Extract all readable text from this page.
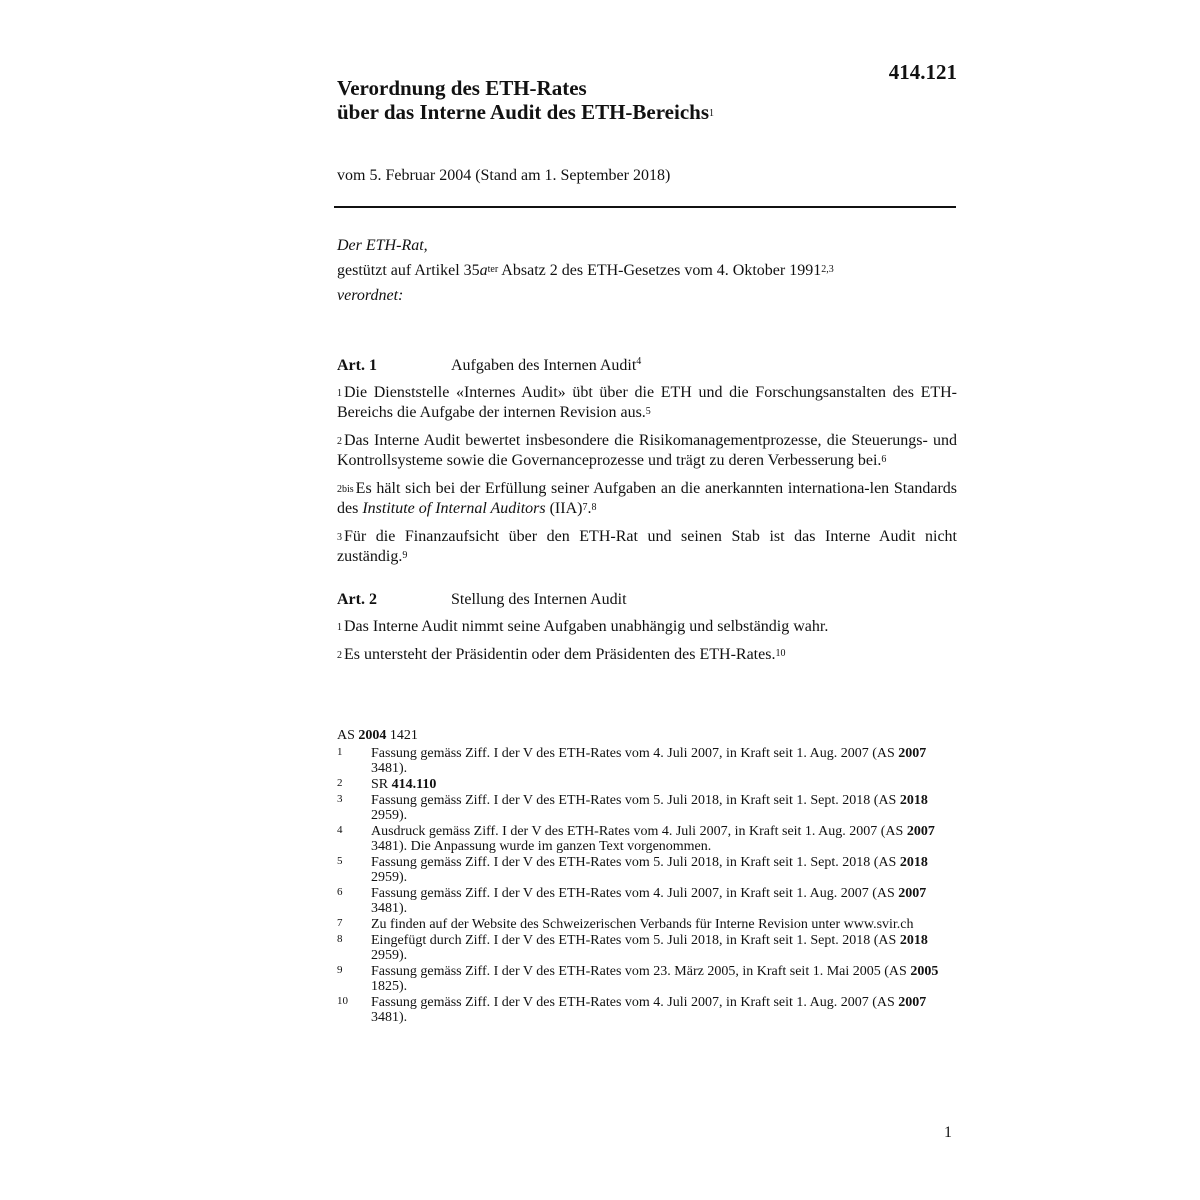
414.121
Verordnung des ETH-Rates
über das Interne Audit des ETH-Bereichs$^1$
vom 5. Februar 2004 (Stand am 1. September 2018)
Der ETH-Rat,
gestützt auf Artikel 35a$^{ter}$ Absatz 2 des ETH-Gesetzes vom 4. Oktober 1991$^{2,3}$
verordnet:
Art. 1	Aufgaben des Internen Audit$^4$
$^1$ Die Dienststelle «Internes Audit» übt über die ETH und die Forschungsanstalten des ETH-Bereichs die Aufgabe der internen Revision aus.$^5$
$^2$ Das Interne Audit bewertet insbesondere die Risikomanagementprozesse, die Steuerungs- und Kontrollsysteme sowie die Governanceprozesse und trägt zu deren Verbesserung bei.$^6$
$^{2bis}$ Es hält sich bei der Erfüllung seiner Aufgaben an die anerkannten internationa-len Standards des Institute of Internal Auditors (IIA)$^7$.$^8$
$^3$ Für die Finanzaufsicht über den ETH-Rat und seinen Stab ist das Interne Audit nicht zuständig.$^9$
Art. 2	Stellung des Internen Audit
$^1$ Das Interne Audit nimmt seine Aufgaben unabhängig und selbständig wahr.
$^2$ Es untersteht der Präsidentin oder dem Präsidenten des ETH-Rates.$^{10}$
AS 2004 1421
1	Fassung gemäss Ziff. I der V des ETH-Rates vom 4. Juli 2007, in Kraft seit 1. Aug. 2007 (AS 2007 3481).
2	SR 414.110
3	Fassung gemäss Ziff. I der V des ETH-Rates vom 5. Juli 2018, in Kraft seit 1. Sept. 2018 (AS 2018 2959).
4	Ausdruck gemäss Ziff. I der V des ETH-Rates vom 4. Juli 2007, in Kraft seit 1. Aug. 2007 (AS 2007 3481). Die Anpassung wurde im ganzen Text vorgenommen.
5	Fassung gemäss Ziff. I der V des ETH-Rates vom 5. Juli 2018, in Kraft seit 1. Sept. 2018 (AS 2018 2959).
6	Fassung gemäss Ziff. I der V des ETH-Rates vom 4. Juli 2007, in Kraft seit 1. Aug. 2007 (AS 2007 3481).
7	Zu finden auf der Website des Schweizerischen Verbands für Interne Revision unter www.svir.ch
8	Eingefügt durch Ziff. I der V des ETH-Rates vom 5. Juli 2018, in Kraft seit 1. Sept. 2018 (AS 2018 2959).
9	Fassung gemäss Ziff. I der V des ETH-Rates vom 23. März 2005, in Kraft seit 1. Mai 2005 (AS 2005 1825).
10	Fassung gemäss Ziff. I der V des ETH-Rates vom 4. Juli 2007, in Kraft seit 1. Aug. 2007 (AS 2007 3481).
1
